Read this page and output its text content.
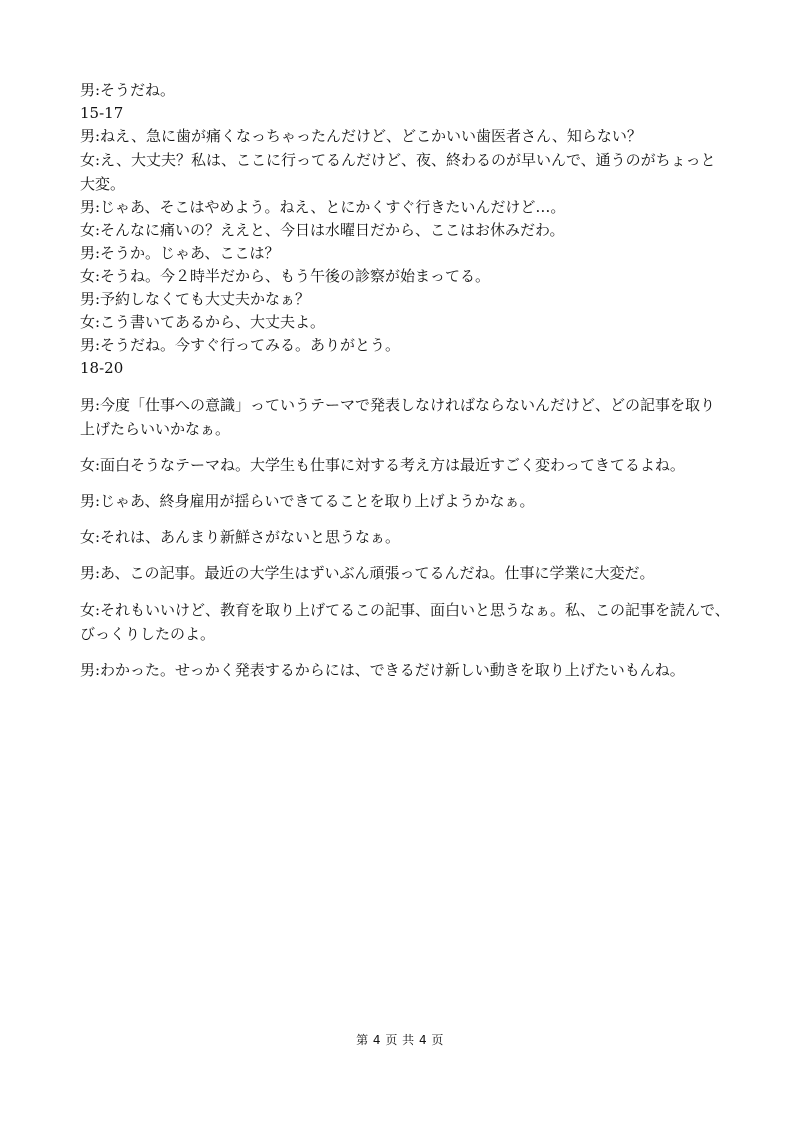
男:そうだね。
15-17
男:ねえ、急に歯が痛くなっちゃったんだけど、どこかいい歯医者さん、知らない？
女:え、大丈夫？私は、ここに行ってるんだけど、夜、終わるのが早いんで、通うのがちょっと大変。
男:じゃあ、そこはやめよう。ねえ、とにかくすぐ行きたいんだけど…。
女:そんなに痛いの？ええと、今日は水曜日だから、ここはお休みだわ。
男:そうか。じゃあ、ここは？
女:そうね。今２時半だから、もう午後の診察が始まってる。
男:予約しなくても大丈夫かなぁ？
女:こう書いてあるから、大丈夫よ。
男:そうだね。今すぐ行ってみる。ありがとう。
18-20
男:今度「仕事への意識」っていうテーマで発表しなければならないんだけど、どの記事を取り上げたらいいかなぁ。
女:面白そうなテーマね。大学生も仕事に対する考え方は最近すごく変わってきてるよね。
男:じゃあ、終身雇用が揺らいできてることを取り上げようかなぁ。
女:それは、あんまり新鮮さがないと思うなぁ。
男:あ、この記事。最近の大学生はずいぶん頑張ってるんだね。仕事に学業に大変だ。
女:それもいいけど、教育を取り上げてるこの記事、面白いと思うなぁ。私、この記事を読んで、びっくりしたのよ。
男:わかった。せっかく発表するからには、できるだけ新しい動きを取り上げたいもんね。
第 4 页 共 4 页
